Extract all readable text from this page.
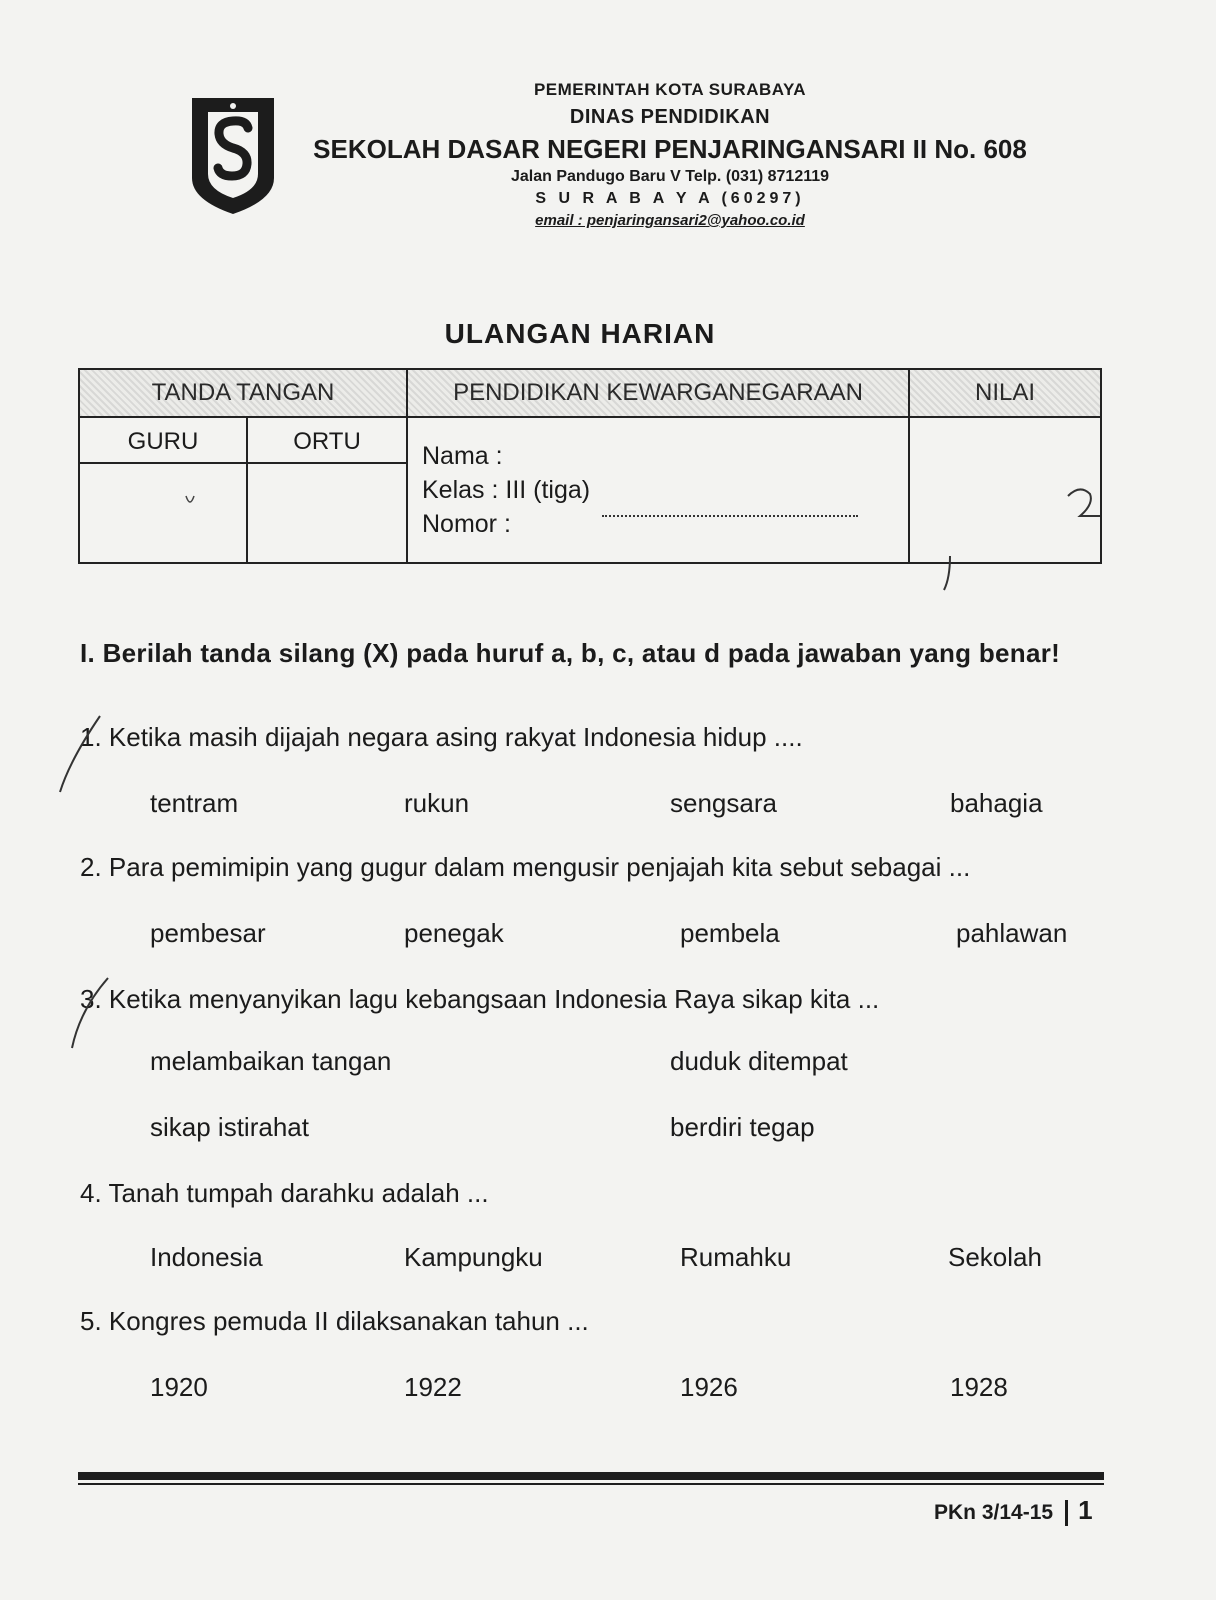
PEMERINTAH KOTA SURABAYA
DINAS PENDIDIKAN
SEKOLAH DASAR NEGERI PENJARINGANSARI II No. 608
Jalan Pandugo Baru V Telp. (031) 8712119
S U R A B A Y A (60297)
email : penjaringansari2@yahoo.co.id
ULANGAN HARIAN
TANDA TANGAN	PENDIDIKAN KEWARGANEGARAAN	NILAI
GURU	ORTU
Nama :
Kelas : III (tiga)
Nomor :
I. Berilah tanda silang (X) pada huruf a, b, c, atau d pada jawaban yang benar!
1. Ketika masih dijajah negara asing rakyat Indonesia hidup ....
tentram	rukun	sengsara	bahagia
2. Para pemimipin yang gugur dalam mengusir penjajah kita sebut sebagai ...
pembesar	penegak	pembela	pahlawan
3. Ketika menyanyikan lagu kebangsaan Indonesia Raya sikap kita ...
melambaikan tangan	duduk ditempat
sikap istirahat	berdiri tegap
4. Tanah tumpah darahku adalah ...
Indonesia	Kampungku	Rumahku	Sekolah
5. Kongres pemuda II dilaksanakan tahun ...
1920	1922	1926	1928
PKn 3/14-15 1
